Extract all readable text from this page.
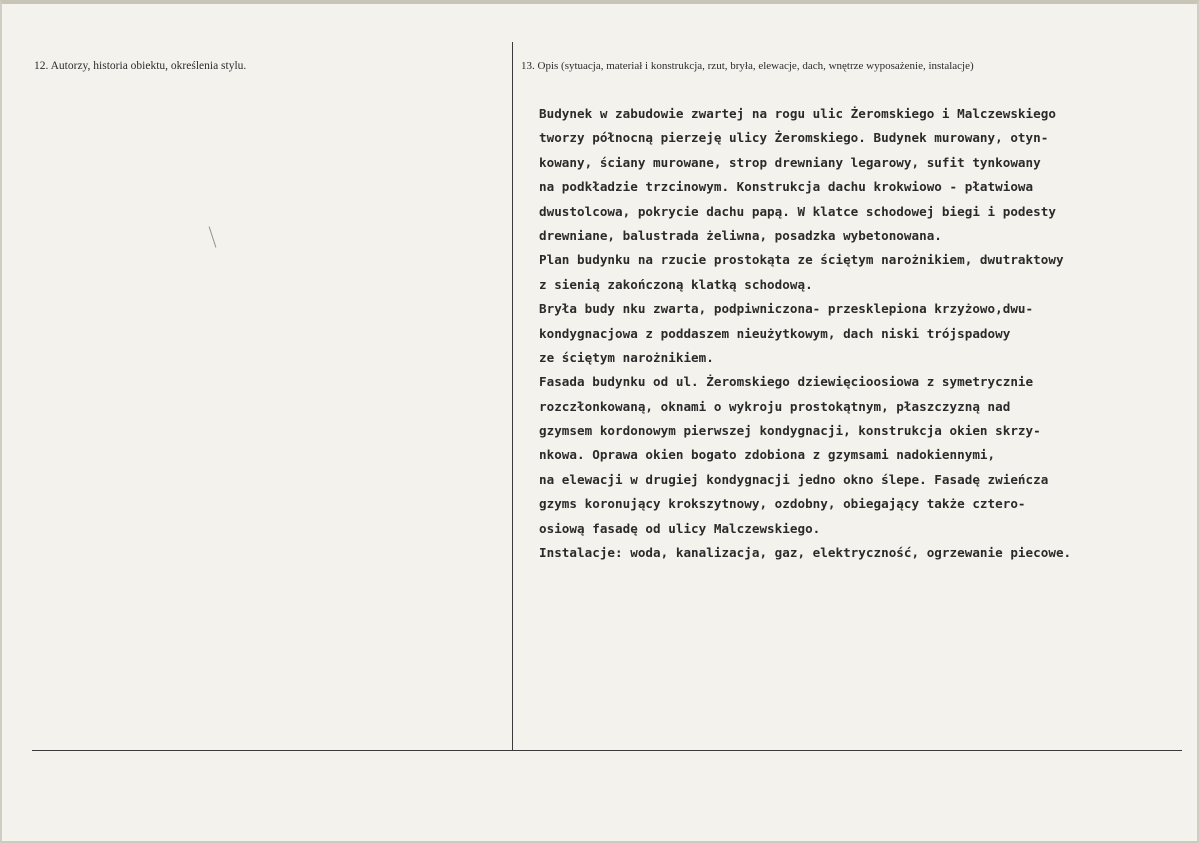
12. Autorzy, historia obiektu, określenia stylu.	13. Opis (sytuacja, materiał i konstrukcja, rzut, bryła, elewacje, dach, wnętrze wyposażenie, instalacje)
Budynek w zabudowie zwartej na rogu ulic Żeromskiego i Malczewskiego
tworzy północną pierzeję ulicy Żeromskiego. Budynek murowany, otyn-
kowany, ściany murowane, strop drewniany legarowy, sufit tynkowany
na podkładzie trzcinowym. Konstrukcja dachu krokwiowo - płatwiowa
dwustolcowa, pokrycie dachu papą. W klatce schodowej biegi i podesty
drewniane, balustrada żeliwna, posadzka wybetonowana.
Plan budynku na rzucie prostokąta ze ściętym narożnikiem, dwutraktowy
z sienią zakończoną klatką schodową.
Bryła budy nku zwarta, podpiwniczona- przesklepiona krzyżowo,dwu-
kondygnacjowa z poddaszem nieużytkowym, dach niski trójspadowy
ze ściętym narożnikiem.
Fasada budynku od ul. Żeromskiego dziewięcioosiowa z symetrycznie
rozczłonkowaną, oknami o wykroju prostokątnym, płaszczyzną nad
gzymsem kordonowym pierwszej kondygnacji, konstrukcja okien skrzy-
nkowa. Oprawa okien bogato zdobiona z gzymsami nadokiennymi,
na elewacji w drugiej kondygnacji jedno okno ślepe. Fasadę zwieńcza
gzyms koronujący krokszytnowy, ozdobny, obiegający także cztero-
osiową fasadę od ulicy Malczewskiego.
Instalacje: woda, kanalizacja, gaz, elektryczność, ogrzewanie piecowe.
